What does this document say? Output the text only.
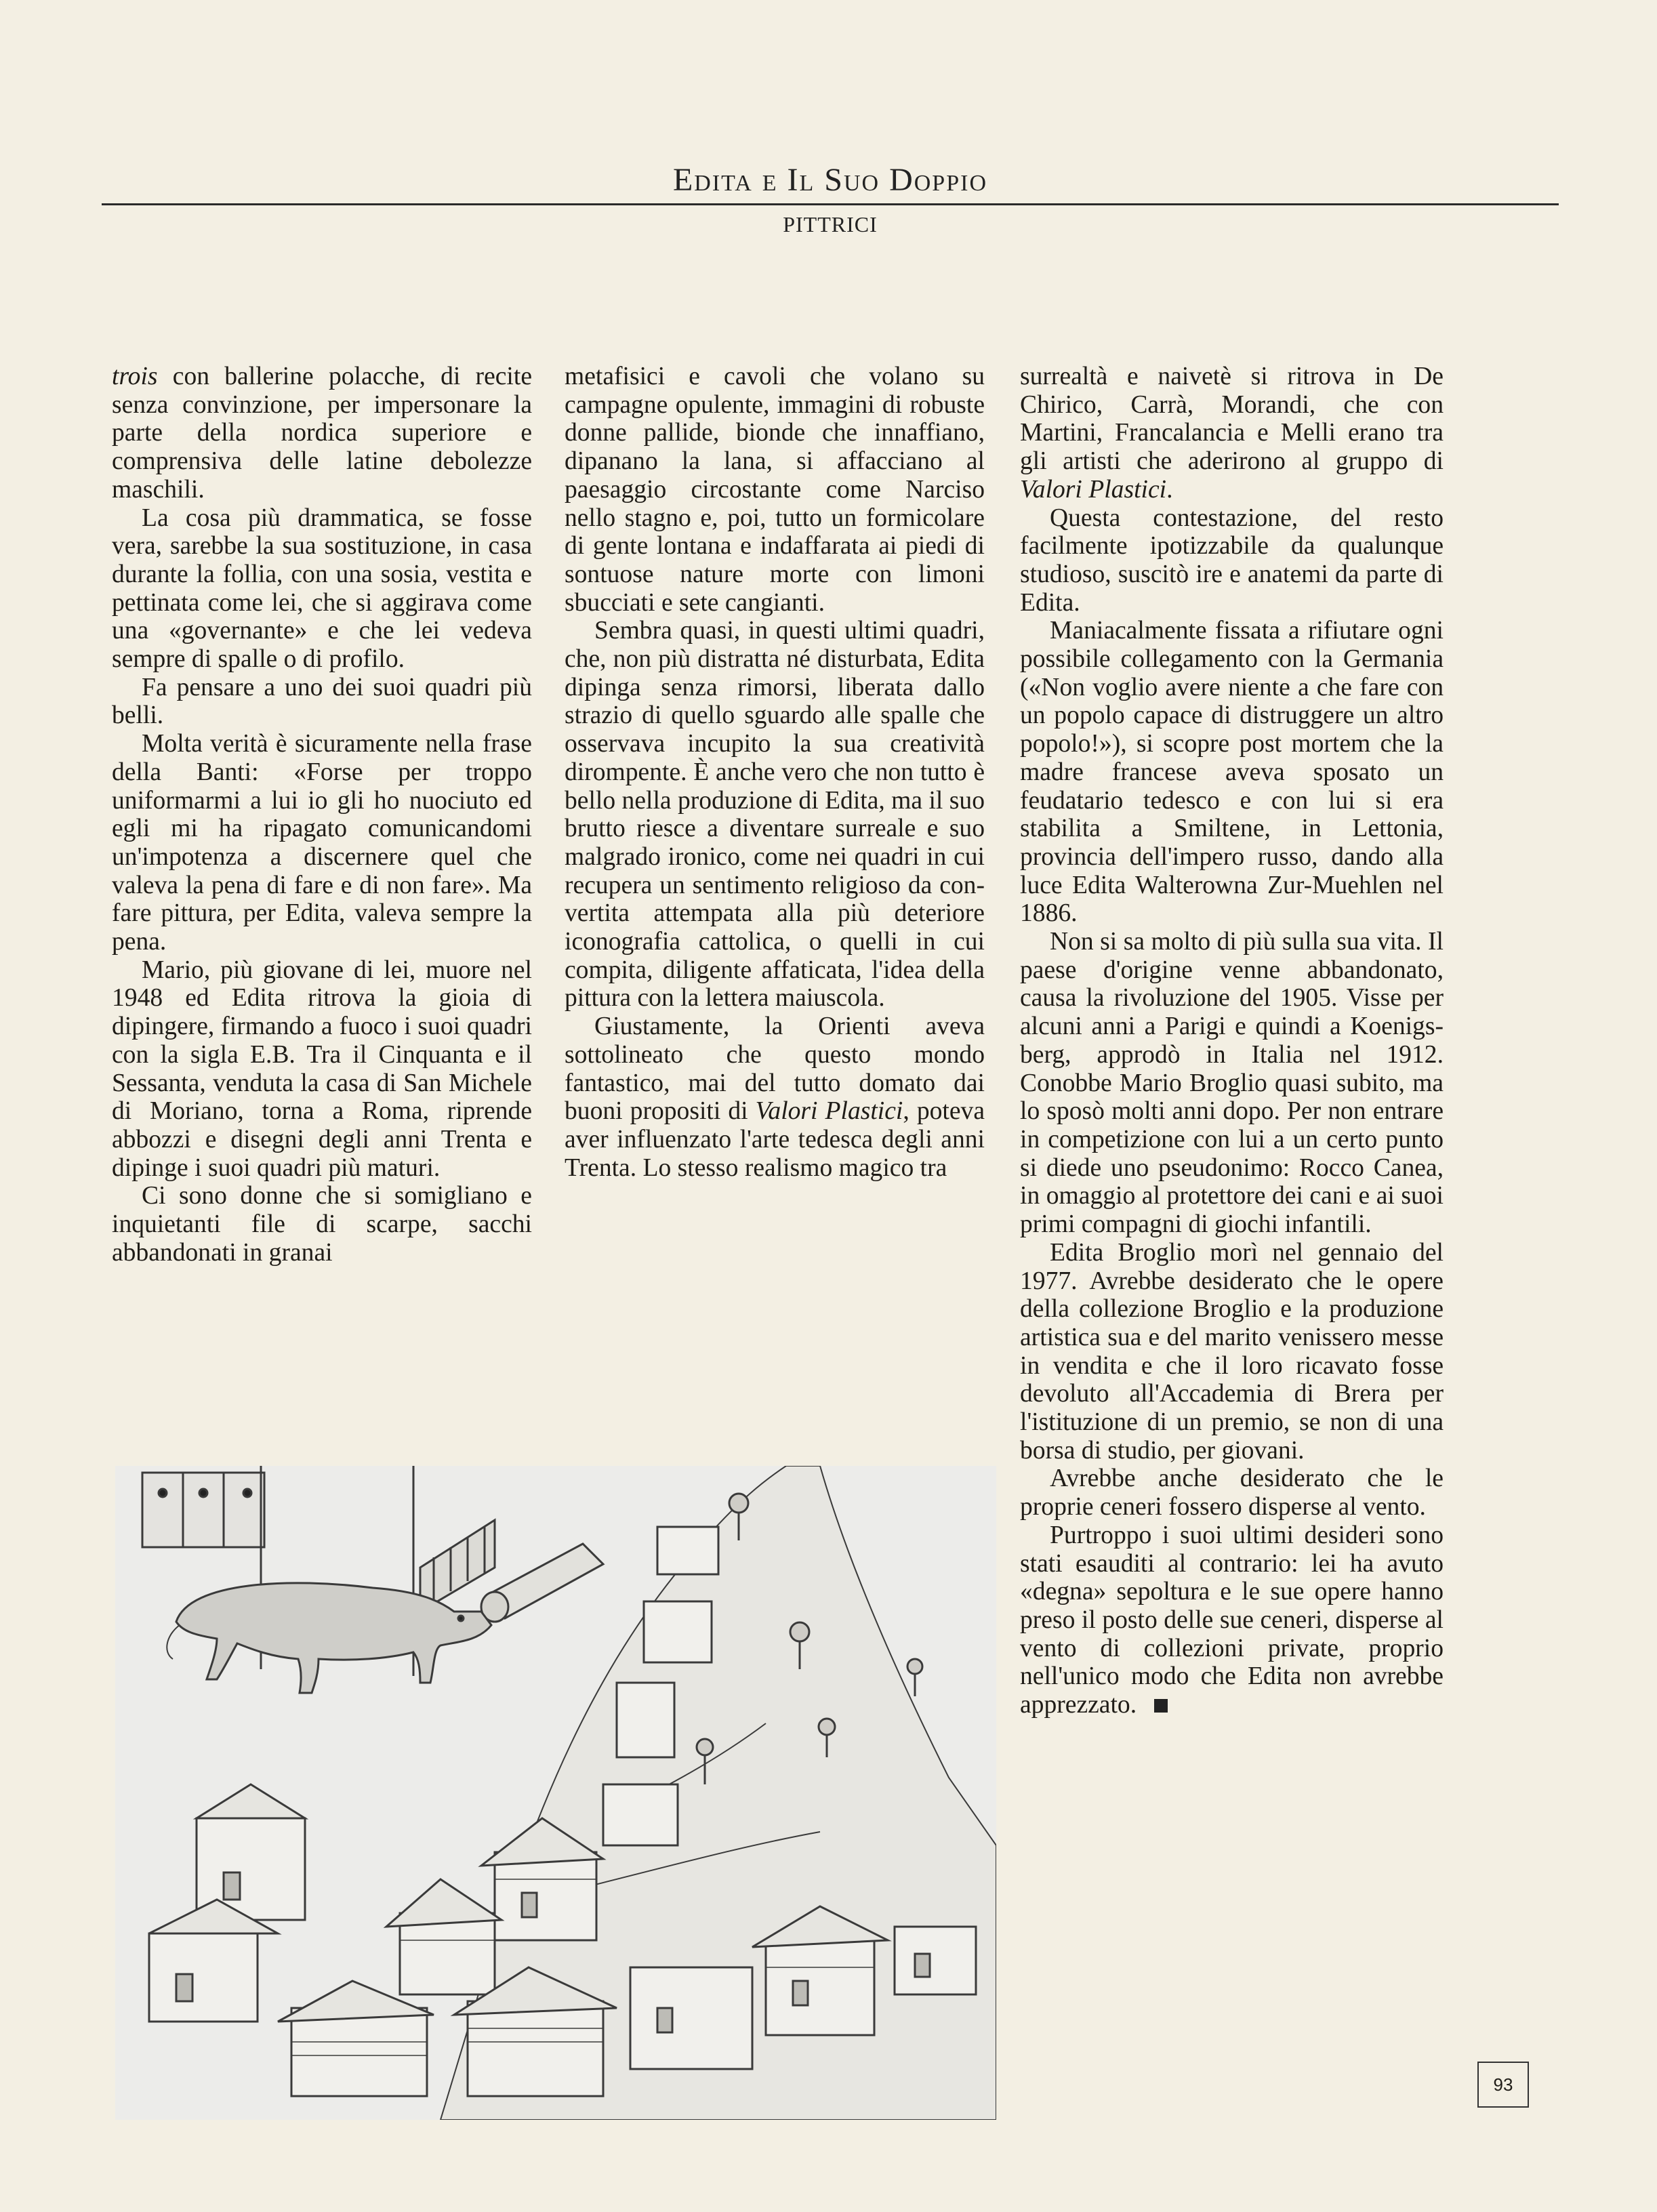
Edita e Il Suo Doppio
PITTRICI

trois con ballerine polacche, di recite senza convinzione, per impersonare la parte della nordica superiore e comprensiva delle latine debolezze maschili.

La cosa più drammatica, se fosse vera, sarebbe la sua sostituzione, in casa durante la follia, con una sosia, vestita e pettinata come lei, che si aggirava come una «governante» e che lei vedeva sempre di spalle o di profilo.

Fa pensare a uno dei suoi quadri più belli.

Molta verità è sicuramente nella frase della Banti: «Forse per troppo uniformarmi a lui io gli ho nuociuto ed egli mi ha ripagato comunicandomi un'impotenza a discernere quel che valeva la pena di fare e di non fare». Ma fare pittura, per Edita, valeva sempre la pena.

Mario, più giovane di lei, muore nel 1948 ed Edita ritrova la gioia di dipingere, firmando a fuoco i suoi quadri con la sigla E.B. Tra il Cinquanta e il Sessanta, venduta la casa di San Michele di Moriano, torna a Roma, riprende abbozzi e disegni degli anni Trenta e dipinge i suoi quadri più maturi.

Ci sono donne che si somigliano e inquietanti file di scarpe, sacchi abbandonati in granai

metafisici e cavoli che volano su campagne opulente, immagini di robuste donne pallide, bionde che innaffiano, dipanano la lana, si affacciano al paesaggio circostante come Narciso nello stagno e, poi, tutto un formicolare di gente lontana e indaffarata ai piedi di sontuose nature morte con limoni sbucciati e sete cangianti.

Sembra quasi, in questi ultimi quadri, che, non più distratta né disturbata, Edita dipinga senza rimorsi, liberata dallo strazio di quello sguardo alle spalle che osservava incupito la sua creatività dirompente. È anche vero che non tutto è bello nella produzione di Edita, ma il suo brutto riesce a diventare surreale e suo malgrado ironico, come nei quadri in cui recupera un sentimento religioso da convertita attempata alla più deteriore iconografia cattolica, o quelli in cui compita, diligente affaticata, l'idea della pittura con la lettera maiuscola.

Giustamente, la Orienti aveva sottolineato che questo mondo fantastico, mai del tutto domato dai buoni propositi di Valori Plastici, poteva aver influenzato l'arte tedesca degli anni Trenta. Lo stesso realismo magico tra

surrealtà e naivetè si ritrova in De Chirico, Carrà, Morandi, che con Martini, Francalancia e Melli erano tra gli artisti che aderirono al gruppo di Valori Plastici.

Questa contestazione, del resto facilmente ipotizzabile da qualunque studioso, suscitò ire e anatemi da parte di Edita.

Maniacalmente fissata a rifiutare ogni possibile collegamento con la Germania («Non voglio avere niente a che fare con un popolo capace di distruggere un altro popolo!»), si scopre post mortem che la madre francese aveva sposato un feudatario tedesco e con lui si era stabilita a Smiltene, in Lettonia, provincia dell'impero russo, dando alla luce Edita Walterowna Zur-Muehlen nel 1886.

Non si sa molto di più sulla sua vita. Il paese d'origine venne abbandonato, causa la rivoluzione del 1905. Visse per alcuni anni a Parigi e quindi a Koenigsberg, approdò in Italia nel 1912. Conobbe Mario Broglio quasi subito, ma lo sposò molti anni dopo. Per non entrare in competizione con lui a un certo punto si diede uno pseudonimo: Rocco Canea, in omaggio al protettore dei cani e ai suoi primi compagni di giochi infantili.

Edita Broglio morì nel gennaio del 1977. Avrebbe desiderato che le opere della collezione Broglio e la produzione artistica sua e del marito venissero messe in vendita e che il loro ricavato fosse devoluto all'Accademia di Brera per l'istituzione di un premio, se non di una borsa di studio, per giovani.

Avrebbe anche desiderato che le proprie ceneri fossero disperse al vento.

Purtroppo i suoi ultimi desideri sono stati esauditi al contrario: lei ha avuto «degna» sepoltura e le sue opere hanno preso il posto delle sue ceneri, disperse al vento di collezioni private, proprio nell'unico modo che Edita non avrebbe apprezzato.

93
